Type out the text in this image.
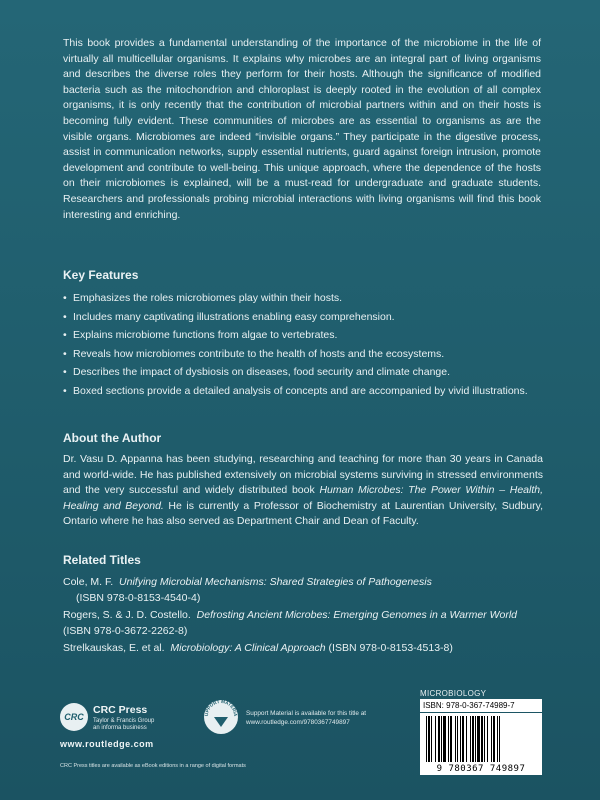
This book provides a fundamental understanding of the importance of the microbiome in the life of virtually all multicellular organisms. It explains why microbes are an integral part of living organisms and describes the diverse roles they perform for their hosts. Although the significance of modified bacteria such as the mitochondrion and chloroplast is deeply rooted in the evolution of all complex organisms, it is only recently that the contribution of microbial partners within and on their hosts is becoming fully evident. These communities of microbes are as essential to organisms as are the visible organs. Microbiomes are indeed “invisible organs.” They participate in the digestive process, assist in communication networks, supply essential nutrients, guard against foreign intrusion, promote development and contribute to well-being. This unique approach, where the dependence of the hosts on their microbiomes is explained, will be a must-read for undergraduate and graduate students. Researchers and professionals probing microbial interactions with living organisms will find this book interesting and enriching.

Key Features
• Emphasizes the roles microbiomes play within their hosts.
• Includes many captivating illustrations enabling easy comprehension.
• Explains microbiome functions from algae to vertebrates.
• Reveals how microbiomes contribute to the health of hosts and the ecosystems.
• Describes the impact of dysbiosis on diseases, food security and climate change.
• Boxed sections provide a detailed analysis of concepts and are accompanied by vivid illustrations.
About the Author

Dr. Vasu D. Appanna has been studying, researching and teaching for more than 30 years in Canada and world-wide. He has published extensively on microbial systems surviving in stressed environments and the very successful and widely distributed book Human Microbes: The Power Within – Health, Healing and Beyond. He is currently a Professor of Biochemistry at Laurentian University, Sudbury, Ontario where he has also served as Department Chair and Dean of Faculty.

Related Titles
Cole, M. F. Unifying Microbial Mechanisms: Shared Strategies of Pathogenesis
(ISBN 978-0-8153-4540-4)
Rogers, S. & J. D. Costello. Defrosting Ancient Microbes: Emerging Genomes in a Warmer World (ISBN 978-0-3672-2262-8)
Strelkauskas, E. et al. Microbiology: A Clinical Approach (ISBN 978-0-8153-4513-8)
CRC
CRC Press
Taylor & Francis Group
an informa business
www.routledge.com
CRC Press titles are available as eBook editions in a range of digital formats
UPPORT MATERIA Support Material is available for this title at
www.routledge.com/9780367749897
MICROBIOLOGY
ISBN: 978-0-367-74989-7
9 780367 749897
